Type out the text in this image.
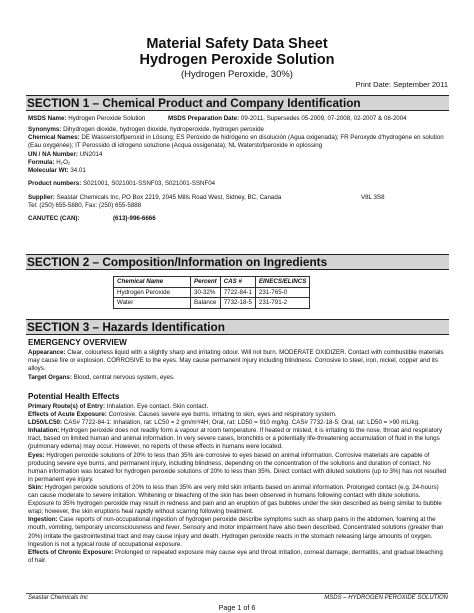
Material Safety Data Sheet
Hydrogen Peroxide Solution
(Hydrogen Peroxide, 30%)
Print Date: September 2011
SECTION 1 – Chemical Product and Company Identification
MSDS Name: Hydrogen Peroxide Solution	MSDS Preparation Date: 09-2011, Supersedes 05-2009, 07-2008, 02-2007 & 08-2004
Synonyms: Dihydrogen dioxide, hydrogen dioxide, hydroperoxide, hydrogen peroxide
Chemical Names: DE Wasserstoffperoxid in Lösung; ES Peróxido de hidrógeno en disolución (Agua oxigenada); FR Peroxyde d'hydrogène en solution (Eau oxygénée); IT Perossido di idrogeno soluzione (Acqua ossigenata); NL Waterstofperoxide in oplossing
UN / NA Number: UN2014
Formula: H₂O₂
Molecular Wt: 34.01
Product numbers: S021001, S021001-SSNF03, S021001-SSNF04
Supplier: Seastar Chemicals Inc, PO Box 2219, 2045 Mills Road West, Sidney, BC, Canada	V8L 3S8
Tel: (250) 655-5880, Fax: (250) 655-5888
CANUTEC (CAN):	(613)-996-6666
SECTION 2 – Composition/Information on Ingredients
Chemical Name	Percent	CAS #	EINECS/ELINCS
Hydrogen Peroxide	30-32%	7722-84-1	231-765-0
Water	Balance	7732-18-5	231-791-2
SECTION 3 – Hazards Identification
EMERGENCY OVERVIEW
Appearance: Clear, colourless liquid with a slightly sharp and irritating odour. Will not burn. MODERATE OXIDIZER. Contact with combustible materials may cause fire or explosion. CORROSIVE to the eyes. May cause permanent injury including blindness. Corrosive to steel, iron, nickel, copper and its alloys.
Target Organs: Blood, central nervous system, eyes.
Potential Health Effects

Primary Route(s) of Entry: Inhalation. Eye contact. Skin contact.

Effects of Acute Exposure: Corrosive. Causes severe eye burns. Irritating to skin, eyes and respiratory system.

LD50/LC50: CAS# 7722-84-1: Inhalation, rat: LC50 = 2 gm/m³/4H; Oral, rat: LD50 = 910 mg/kg. CAS# 7732-18-5: Oral, rat: LD50 = >90 mL/kg.

Inhalation: Hydrogen peroxide does not readily form a vapour at room temperature. If heated or misted, it is irritating to the nose, throat and respiratory tract, based on limited human and animal information. In very severe cases, bronchitis or a potentially life-threatening accumulation of fluid in the lungs (pulmonary edema) may occur. However, no reports of these effects in humans were located.

Eyes: Hydrogen peroxide solutions of 20% to less than 35% are corrosive to eyes based on animal information. Corrosive materials are capable of producing severe eye burns, and permanent injury, including blindness, depending on the concentration of the solutions and duration of contact. No human information was located for hydrogen peroxide solutions of 20% to less than 35%. Direct contact with diluted solutions (up to 3%) has not resulted in permanent eye injury.

Skin: Hydrogen peroxide solutions of 20% to less than 35% are very mild skin irritants based on animal information. Prolonged contact (e.g. 24-hours) can cause moderate to severe irritation. Whitening or bleaching of the skin has been observed in humans following contact with dilute solutions. Exposure to 35% hydrogen peroxide may result in redness and pain and an eruption of gas bubbles under the skin described as being similar to bubble wrap; however, the skin eruptions heal rapidly without scarring following treatment.

Ingestion: Case reports of non-occupational ingestion of hydrogen peroxide describe symptoms such as sharp pains in the abdomen, foaming at the mouth, vomiting, temporary unconsciousness and fever. Sensory and motor impairment have also been described. Concentrated solutions (greater than 20%) irritate the gastrointestinal tract and may cause injury and death. Hydrogen peroxide reacts in the stomach releasing large amounts of oxygen. Ingestion is not a typical route of occupational exposure.

Effects of Chronic Exposure: Prolonged or repeated exposure may cause eye and throat irritation, corneal damage, dermatitis, and gradual bleaching of hair.

Seastar Chemicals Inc	MSDS – HYDROGEN PEROXIDE SOLUTION
Page 1 of 6
